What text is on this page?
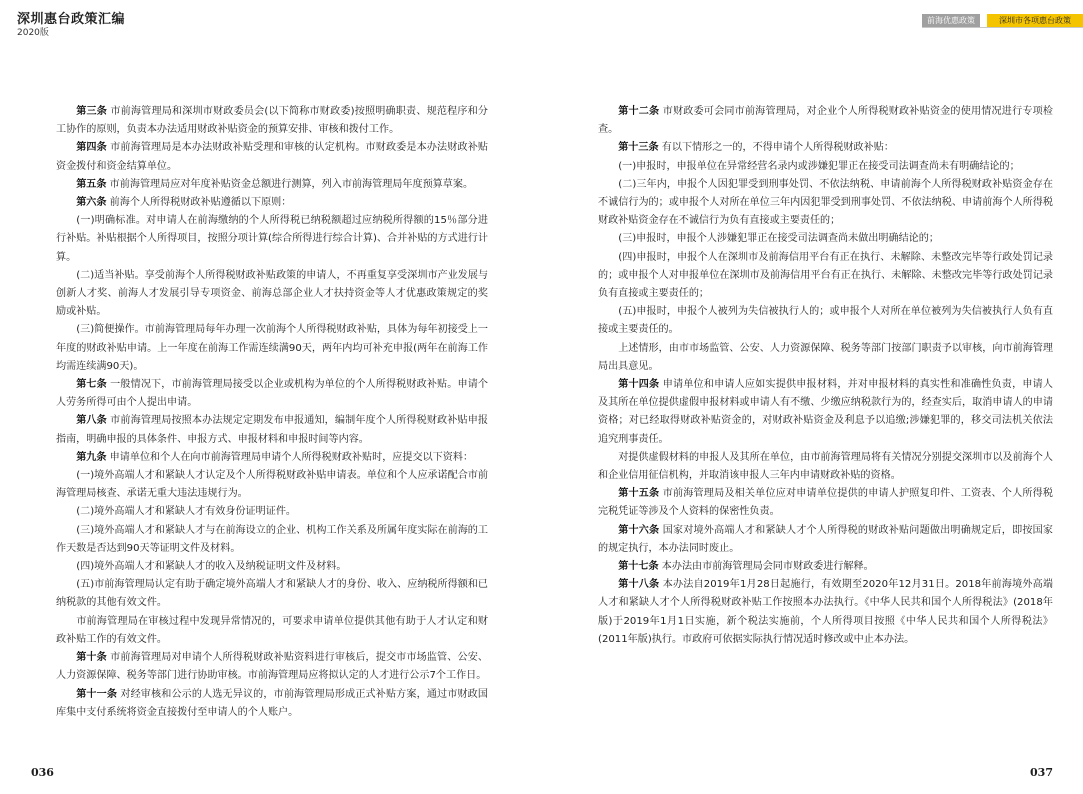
深圳惠台政策汇编
2020版
前海优惠政策	深圳市各项惠台政策

第三条 市前海管理局和深圳市财政委员会(以下简称市财政委)按照明确职责、规范程序和分工协作的原则，负责本办法适用财政补贴资金的预算安排、审核和拨付工作。

第四条 市前海管理局是本办法财政补贴受理和审核的认定机构。市财政委是本办法财政补贴资金拨付和资金结算单位。

第五条 市前海管理局应对年度补贴资金总额进行测算，列入市前海管理局年度预算草案。

第六条 前海个人所得税财政补贴遵循以下原则：

(一)明确标准。对申请人在前海缴纳的个人所得税已纳税额超过应纳税所得额的15％部分进行补贴。补贴根据个人所得项目，按照分项计算(综合所得进行综合计算)、合并补贴的方式进行计算。

(二)适当补贴。享受前海个人所得税财政补贴政策的申请人，不再重复享受深圳市产业发展与创新人才奖、前海人才发展引导专项资金、前海总部企业人才扶持资金等人才优惠政策规定的奖励或补贴。

(三)简便操作。市前海管理局每年办理一次前海个人所得税财政补贴，具体为每年初接受上一年度的财政补贴申请。上一年度在前海工作需连续满90天，两年内均可补充申报(两年在前海工作均需连续满90天)。

第七条 一般情况下，市前海管理局接受以企业或机构为单位的个人所得税财政补贴。申请个人劳务所得可由个人提出申请。

第八条 市前海管理局按照本办法规定定期发布申报通知，编制年度个人所得税财政补贴申报指南，明确申报的具体条件、申报方式、申报材料和申报时间等内容。

第九条 申请单位和个人在向市前海管理局申请个人所得税财政补贴时，应提交以下资料：

(一)境外高端人才和紧缺人才认定及个人所得税财政补贴申请表。单位和个人应承诺配合市前海管理局核查、承诺无重大违法违规行为。

(二)境外高端人才和紧缺人才有效身份证明证件。

(三)境外高端人才和紧缺人才与在前海设立的企业、机构工作关系及所属年度实际在前海的工作天数是否达到90天等证明文件及材料。

(四)境外高端人才和紧缺人才的收入及纳税证明文件及材料。

(五)市前海管理局认定有助于确定境外高端人才和紧缺人才的身份、收入、应纳税所得额和已纳税款的其他有效文件。

市前海管理局在审核过程中发现异常情况的，可要求申请单位提供其他有助于人才认定和财政补贴工作的有效文件。

第十条 市前海管理局对申请个人所得税财政补贴资料进行审核后，提交市市场监管、公安、人力资源保障、税务等部门进行协助审核。市前海管理局应将拟认定的人才进行公示7个工作日。

第十一条 对经审核和公示的人选无异议的，市前海管理局形成正式补贴方案，通过市财政国库集中支付系统将资金直接拨付至申请人的个人账户。

第十二条 市财政委可会同市前海管理局，对企业个人所得税财政补贴资金的使用情况进行专项检查。

第十三条 有以下情形之一的，不得申请个人所得税财政补贴：

(一)申报时，申报单位在异常经营名录内或涉嫌犯罪正在接受司法调查尚未有明确结论的；

(二)三年内，申报个人因犯罪受到刑事处罚、不依法纳税、申请前海个人所得税财政补贴资金存在不诚信行为的；或申报个人对所在单位三年内因犯罪受到刑事处罚、不依法纳税、申请前海个人所得税财政补贴资金存在不诚信行为负有直接或主要责任的；

(三)申报时，申报个人涉嫌犯罪正在接受司法调查尚未做出明确结论的；

(四)申报时，申报个人在深圳市及前海信用平台有正在执行、未解除、未整改完毕等行政处罚记录的；或申报个人对申报单位在深圳市及前海信用平台有正在执行、未解除、未整改完毕等行政处罚记录负有直接或主要责任的；

(五)申报时，申报个人被列为失信被执行人的；或申报个人对所在单位被列为失信被执行人负有直接或主要责任的。

上述情形，由市市场监管、公安、人力资源保障、税务等部门按部门职责予以审核，向市前海管理局出具意见。

第十四条 申请单位和申请人应如实提供申报材料，并对申报材料的真实性和准确性负责，申请人及其所在单位提供虚假申报材料或申请人有不缴、少缴应纳税款行为的，经查实后，取消申请人的申请资格；对已经取得财政补贴资金的，对财政补贴资金及利息予以追缴;涉嫌犯罪的，移交司法机关依法追究刑事责任。

对提供虚假材料的申报人及其所在单位，由市前海管理局将有关情况分别提交深圳市以及前海个人和企业信用征信机构，并取消该申报人三年内申请财政补贴的资格。

第十五条 市前海管理局及相关单位应对申请单位提供的申请人护照复印件、工资表、个人所得税完税凭证等涉及个人资料的保密性负责。

第十六条 国家对境外高端人才和紧缺人才个人所得税的财政补贴问题做出明确规定后，即按国家的规定执行，本办法同时废止。

第十七条 本办法由市前海管理局会同市财政委进行解释。

第十八条 本办法自2019年1月28日起施行，有效期至2020年12月31日。2018年前海境外高端人才和紧缺人才个人所得税财政补贴工作按照本办法执行。《中华人民共和国个人所得税法》(2018年版)于2019年1月1日实施，新个税法实施前，个人所得项目按照《中华人民共和国个人所得税法》(2011年版)执行。市政府可依据实际执行情况适时修改或中止本办法。

036	037
